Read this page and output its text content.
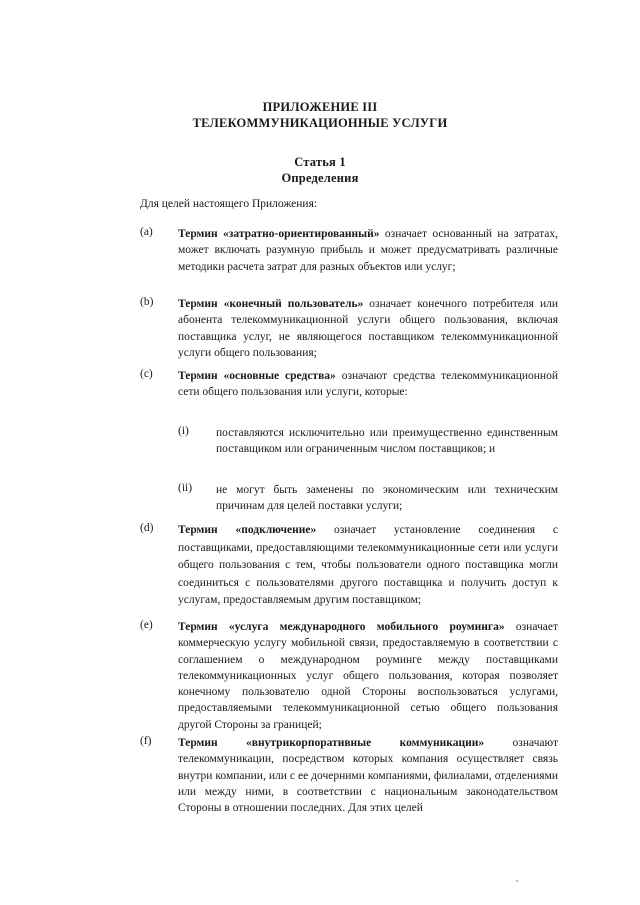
ПРИЛОЖЕНИЕ III
ТЕЛЕКОММУНИКАЦИОННЫЕ УСЛУГИ
Статья 1
Определения
Для целей настоящего Приложения:
(a) Термин «затратно-ориентированный» означает основанный на затратах, может включать разумную прибыль и может предусматривать различные методики расчета затрат для разных объектов или услуг;
(b) Термин «конечный пользователь» означает конечного потребителя или абонента телекоммуникационной услуги общего пользования, включая поставщика услуг, не являющегося поставщиком телекоммуникационной услуги общего пользования;
(c) Термин «основные средства» означают средства телекоммуникационной сети общего пользования или услуги, которые:
(i) поставляются исключительно или преимущественно единственным поставщиком или ограниченным числом поставщиков; и
(ii) не могут быть заменены по экономическим или техническим причинам для целей поставки услуги;
(d) Термин «подключение» означает установление соединения с поставщиками, предоставляющими телекоммуникационные сети или услуги общего пользования с тем, чтобы пользователи одного поставщика могли соединиться с пользователями другого поставщика и получить доступ к услугам, предоставляемым другим поставщиком;
(e) Термин «услуга международного мобильного роуминга» означает коммерческую услугу мобильной связи, предоставляемую в соответствии с соглашением о международном роуминге между поставщиками телекоммуникационных услуг общего пользования, которая позволяет конечному пользователю одной Стороны воспользоваться услугами, предоставляемыми телекоммуникационной сетью общего пользования другой Стороны за границей;
(f) Термин «внутрикорпоративные коммуникации» означают телекоммуникации, посредством которых компания осуществляет связь внутри компании, или с ее дочерними компаниями, филиалами, отделениями или между ними, в соответствии с национальным законодательством Стороны в отношении последних. Для этих целей
